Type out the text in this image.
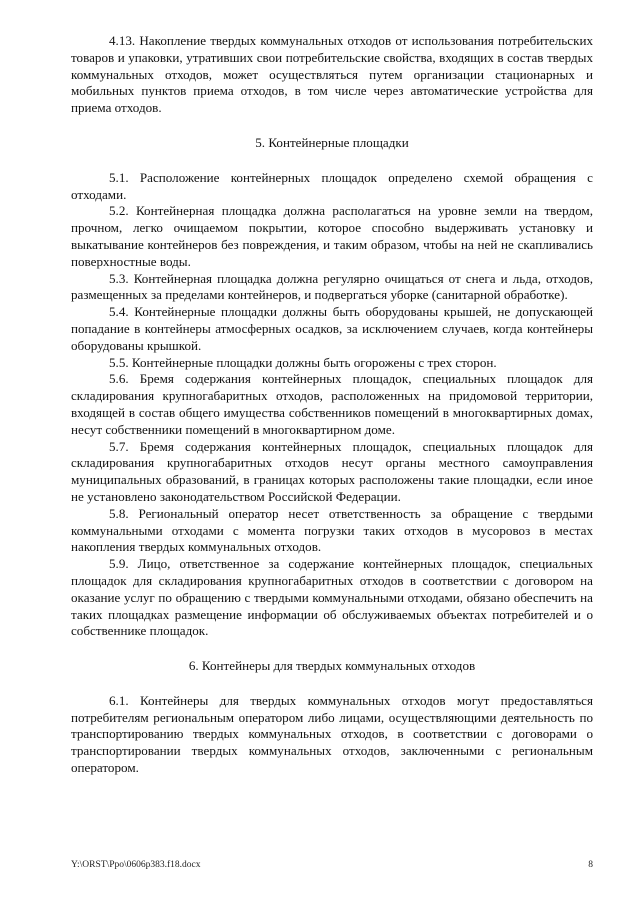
4.13. Накопление твердых коммунальных отходов от использования потребительских товаров и упаковки, утративших свои потребительские свойства, входящих в состав твердых коммунальных отходов, может осуществляться путем организации стационарных и мобильных пунктов приема отходов, в том числе через автоматические устройства для приема отходов.

5. Контейнерные площадки

5.1. Расположение контейнерных площадок определено схемой обращения с отходами.

5.2. Контейнерная площадка должна располагаться на уровне земли на твердом, прочном, легко очищаемом покрытии, которое способно выдерживать установку и выкатывание контейнеров без повреждения, и таким образом, чтобы на ней не скапливались поверхностные воды.

5.3. Контейнерная площадка должна регулярно очищаться от снега и льда, отходов, размещенных за пределами контейнеров, и подвергаться уборке (санитарной обработке).

5.4. Контейнерные площадки должны быть оборудованы крышей, не допускающей попадание в контейнеры атмосферных осадков, за исключением случаев, когда контейнеры оборудованы крышкой.

5.5. Контейнерные площадки должны быть огорожены с трех сторон.

5.6. Бремя содержания контейнерных площадок, специальных площадок для складирования крупногабаритных отходов, расположенных на придомовой территории, входящей в состав общего имущества собственников помещений в многоквартирных домах, несут собственники помещений в многоквартирном доме.

5.7. Бремя содержания контейнерных площадок, специальных площадок для складирования крупногабаритных отходов несут органы местного самоуправления муниципальных образований, в границах которых расположены такие площадки, если иное не установлено законодательством Российской Федерации.

5.8. Региональный оператор несет ответственность за обращение с твердыми коммунальными отходами с момента погрузки таких отходов в мусоровоз в местах накопления твердых коммунальных отходов.

5.9. Лицо, ответственное за содержание контейнерных площадок, специальных площадок для складирования крупногабаритных отходов в соответствии с договором на оказание услуг по обращению с твердыми коммунальными отходами, обязано обеспечить на таких площадках размещение информации об обслуживаемых объектах потребителей и о собственнике площадок.

6. Контейнеры для твердых коммунальных отходов

6.1. Контейнеры для твердых коммунальных отходов могут предоставляться потребителям региональным оператором либо лицами, осуществляющими деятельность по транспортированию твердых коммунальных отходов, в соответствии с договорами о транспортировании твердых коммунальных отходов, заключенными с региональным оператором.

Y:\ORST\Ppo\0606p383.f18.docx	8
